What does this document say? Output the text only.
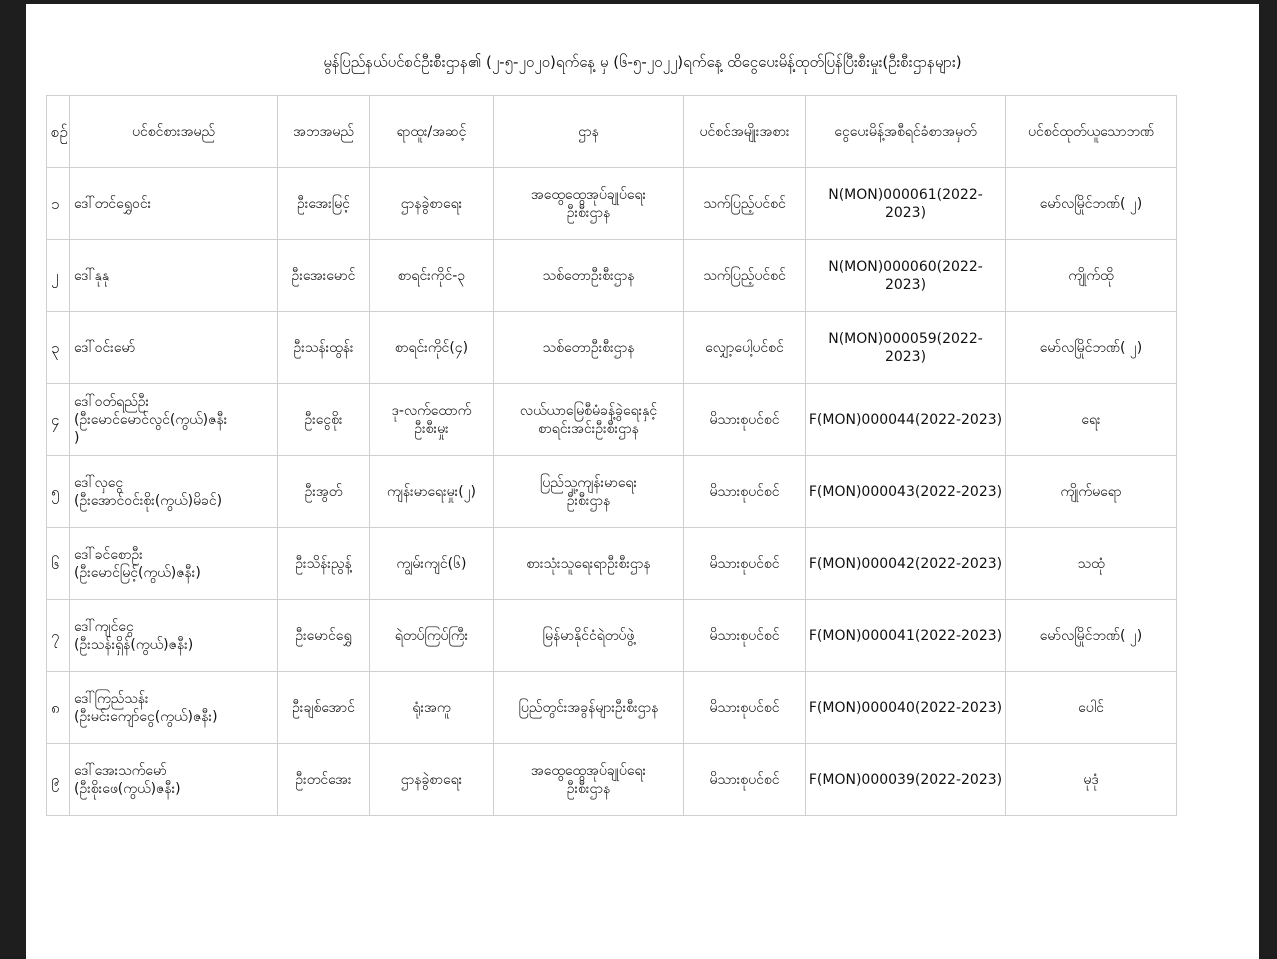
မွန်ပြည်နယ်ပင်စင်ဦးစီးဌာန၏ (၂-၅-၂၀၂၀)ရက်နေ့ မှ (၆-၅-၂၀၂၂)ရက်နေ့ ထိငွေပေးမိန့်ထုတ်ပြန်ပြီးစီးမှုး(ဦးစီးဌာနများ)
စဉ်	ပင်စင်စားအမည်	အဘအမည်	ရာထူး/အဆင့်	ဌာန	ပင်စင်အမျိုးအစား	ငွေပေးမိန့်အစီရင်ခံစာအမှတ်	ပင်စင်ထုတ်ယူသောဘဏ်
၁	ဒေါ်တင်ရွှေဝင်း	ဦးအေးမြင့်	ဌာနခွဲစာရေး	အထွေထွေအုပ်ချုပ်ရေး
ဦးစီးဌာန	သက်ပြည့်ပင်စင်	N(MON)000061(2022-2023)	မော်လမြိုင်ဘဏ်( ၂)
၂	ဒေါ်နုနု	ဦးအေးမောင်	စာရင်းကိုင်-၃	သစ်တောဦးစီးဌာန	သက်ပြည့်ပင်စင်	N(MON)000060(2022-2023)	ကျိုက်ထို
၃	ဒေါ်ဝင်းမော်	ဦးသန်းထွန်း	စာရင်းကိုင်(၄)	သစ်တောဦးစီးဌာန	လျှော့ပေါ့ပင်စင်	N(MON)000059(2022-2023)	မော်လမြိုင်ဘဏ်( ၂)
၄	ဒေါ်ဝတ်ရည်ဦး
(ဦးမောင်မောင်လွင်(ကွယ်)ဇနီး
)	ဦးငွေစိုး	ဒု-လက်ထောက်
ဦးစီးမှုး	လယ်ယာမြေစီမံခန့်ခွဲရေးနှင့်
စာရင်းအင်းဦးစီးဌာန	မိသားစုပင်စင်	F(MON)000044(2022-2023)	ရေး
၅	ဒေါ်လှငွေ
(ဦးအောင်ဝင်းစိုး(ကွယ်)မိခင်)	ဦးအွတ်	ကျန်းမာရေးမှုး(၂)	ပြည်သူ့ကျန်းမာရေး
ဦးစီးဌာန	မိသားစုပင်စင်	F(MON)000043(2022-2023)	ကျိုက်မရော
၆	ဒေါ်ခင်စောဦး
(ဦးမောင်မြင့်(ကွယ်)ဇနီး)	ဦးသိန်းညွန့်	ကျွမ်းကျင်(၆)	စားသုံးသူရေးရာဦးစီးဌာန	မိသားစုပင်စင်	F(MON)000042(2022-2023)	သထုံ
၇	ဒေါ်ကျင်ငွေ
(ဦးသန်းရှိန်(ကွယ်)ဇနီး)	ဦးမောင်ရွှေ	ရဲတပ်ကြပ်ကြီး	မြန်မာနိုင်ငံရဲတပ်ဖွဲ့	မိသားစုပင်စင်	F(MON)000041(2022-2023)	မော်လမြိုင်ဘဏ်( ၂)
၈	ဒေါ်ကြည်သန်း
(ဦးမင်းကျော်ငွေ(ကွယ်)ဇနီး)	ဦးချစ်အောင်	ရုံးအကူ	ပြည်တွင်းအခွန်များဦးစီးဌာန	မိသားစုပင်စင်	F(MON)000040(2022-2023)	ပေါင်
၉	ဒေါ်အေးသက်မော်
(ဦးစိုးဖေ(ကွယ်)ဇနီး)	ဦးတင်အေး	ဌာနခွဲစာရေး	အထွေထွေအုပ်ချုပ်ရေး
ဦးစီးဌာန	မိသားစုပင်စင်	F(MON)000039(2022-2023)	မုဒုံ
